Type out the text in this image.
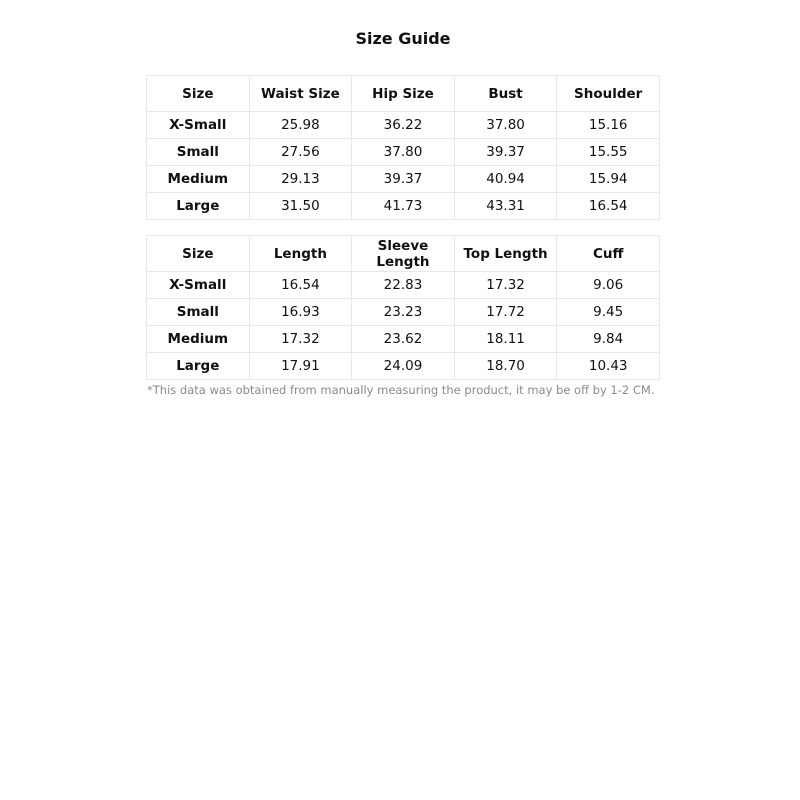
Size Guide
Size	Waist Size	Hip Size	Bust	Shoulder
X-Small	25.98	36.22	37.80	15.16
Small	27.56	37.80	39.37	15.55
Medium	29.13	39.37	40.94	15.94
Large	31.50	41.73	43.31	16.54
Size	Length	Sleeve Length	Top Length	Cuff
X-Small	16.54	22.83	17.32	9.06
Small	16.93	23.23	17.72	9.45
Medium	17.32	23.62	18.11	9.84
Large	17.91	24.09	18.70	10.43
*This data was obtained from manually measuring the product, it may be off by 1-2 CM.
